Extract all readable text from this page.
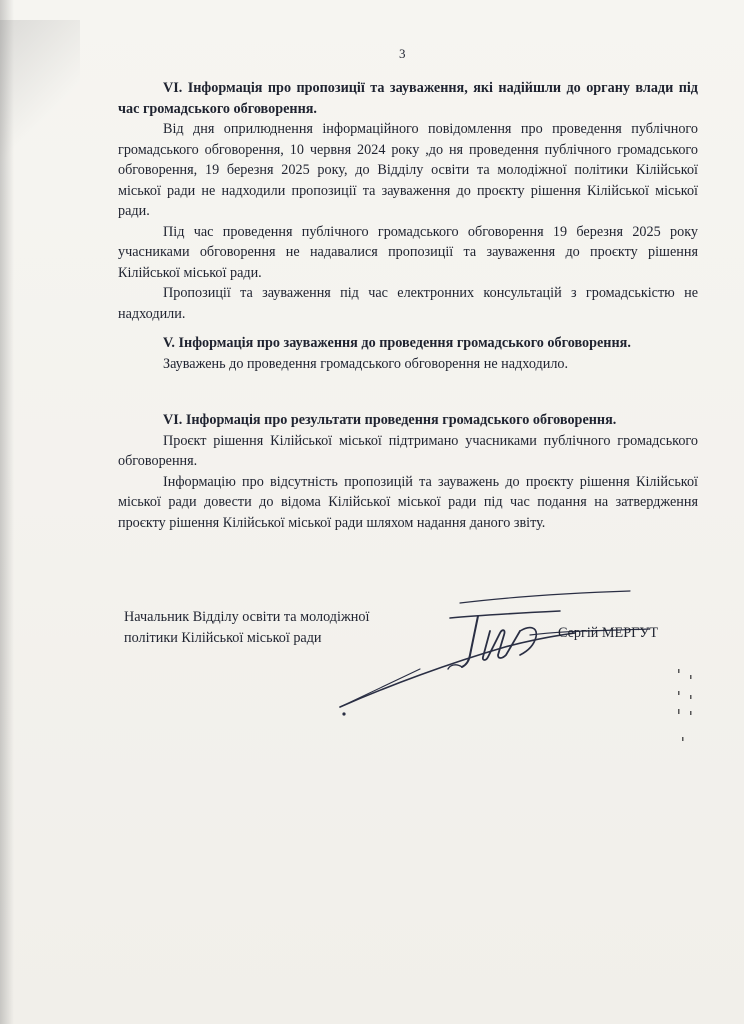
3

VI. Інформація про пропозиції та зауваження, які надійшли до органу влади під час громадського обговорення.

Від дня оприлюднення інформаційного повідомлення про проведення публічного громадського обговорення, 10 червня 2024 року ,до ня проведення публічного громадського обговорення, 19 березня 2025 року, до Відділу освіти та молодіжної політики Кілійської міської ради не надходили пропозиції та зауваження до проєкту рішення Кілійської міської ради.

Під час проведення публічного громадського обговорення 19 березня 2025 року учасниками обговорення не надавалися пропозиції та зауваження до проєкту рішення Кілійської міської ради.

Пропозиції та зауваження під час електронних консультацій з громадськістю не надходили.

V. Інформація про зауваження до проведення громадського обговорення.

Зауважень до проведення громадського обговорення не надходило.

VI. Інформація про результати проведення громадського обговорення.

Проєкт рішення Кілійської міської підтримано учасниками публічного громадського обговорення.

Інформацію про відсутність пропозицій та зауважень до проєкту рішення Кілійської міської ради довести до відома Кілійської міської ради під час подання на затвердження проєкту рішення Кілійської міської ради шляхом надання даного звіту.

Начальник Відділу освіти та молодіжної
політики Кілійської міської ради	Сергій МЕРГУТ
